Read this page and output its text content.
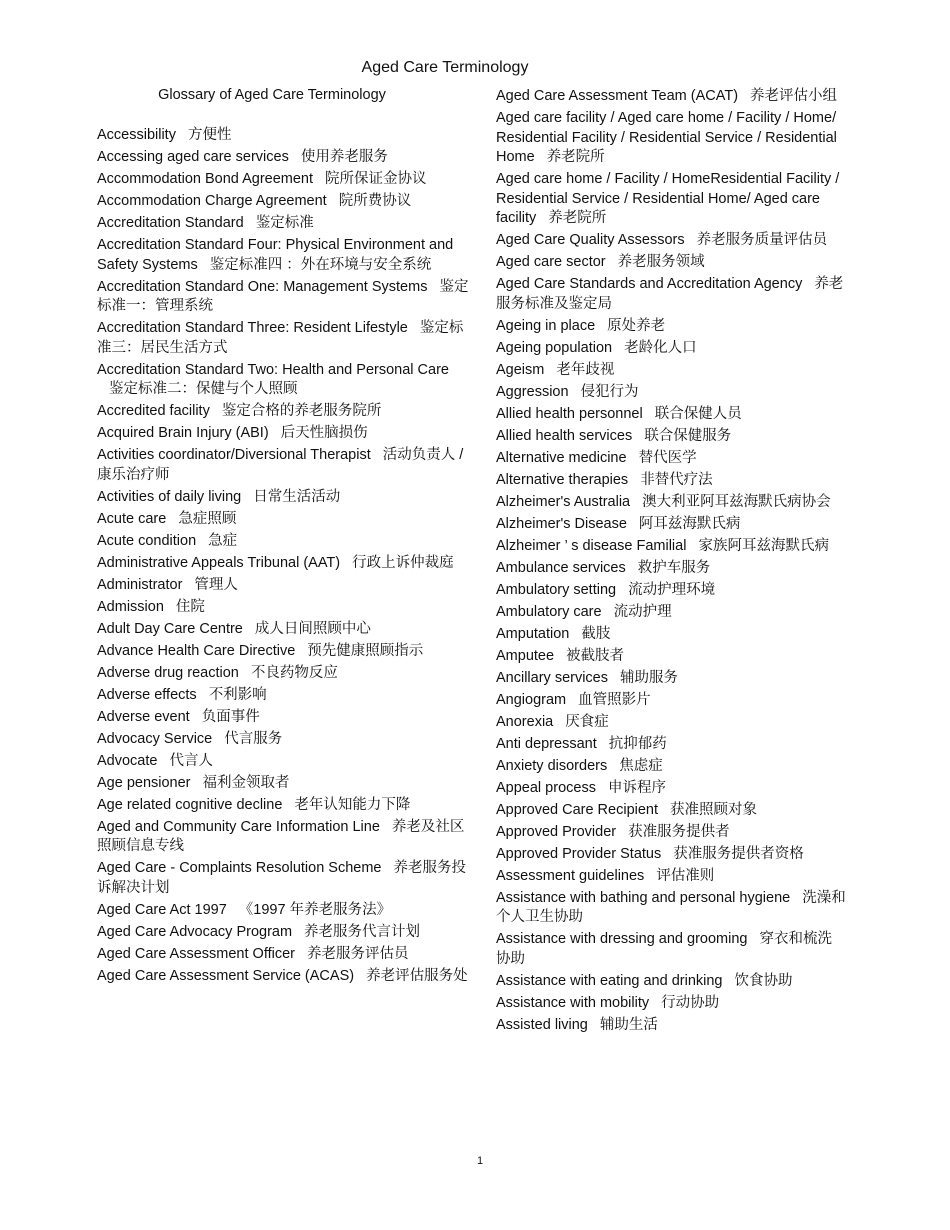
Aged Care Terminology
Glossary of Aged Care Terminology
Accessibility 方便性
Accessing aged care services 使用养老服务
Accommodation Bond Agreement 院所保证金协议
Accommodation Charge Agreement 院所费协议
Accreditation Standard 鉴定标准
Accreditation Standard Four: Physical Environment and Safety Systems 鉴定标准四 ：外在环境与安全系统
Accreditation Standard One: Management Systems 鉴定标准一：管理系统
Accreditation Standard Three: Resident Lifestyle 鉴定标准三：居民生活方式
Accreditation Standard Two: Health and Personal Care鉴定标准二：保健与个人照顾
Accredited facility 鉴定合格的养老服务院所
Acquired Brain Injury (ABI) 后天性脑损伤
Activities coordinator/Diversional Therapist 活动负责人 / 康乐治疗师
Activities of daily living 日常生活活动
Acute care 急症照顾
Acute condition 急症
Administrative Appeals Tribunal (AAT) 行政上诉仲裁庭
Administrator 管理人
Admission 住院
Adult Day Care Centre 成人日间照顾中心
Advance Health Care Directive 预先健康照顾指示
Adverse drug reaction 不良药物反应
Adverse effects 不利影响
Adverse event 负面事件
Advocacy Service 代言服务
Advocate 代言人
Age pensioner 福利金领取者
Age related cognitive decline 老年认知能力下降
Aged and Community Care Information Line 养老及社区照顾信息专线
Aged Care - Complaints Resolution Scheme 养老服务投诉解决计划
Aged Care Act 1997 《1997 年养老服务法》
Aged Care Advocacy Program 养老服务代言计划
Aged Care Assessment Officer 养老服务评估员
Aged Care Assessment Service (ACAS) 养老评估服务处
Aged Care Assessment Team (ACAT) 养老评估小组
Aged care facility / Aged care home / Facility / Home/ Residential Facility / Residential Service / Residential Home 养老院所
Aged care home / Facility / HomeResidential Facility / Residential Service / Residential Home/ Aged care facility 养老院所
Aged Care Quality Assessors 养老服务质量评估员
Aged care sector 养老服务领域
Aged Care Standards and Accreditation Agency 养老服务标准及鉴定局
Ageing in place 原处养老
Ageing population 老龄化人口
Ageism 老年歧视
Aggression 侵犯行为
Allied health personnel 联合保健人员
Allied health services 联合保健服务
Alternative medicine 替代医学
Alternative therapies 非替代疗法
Alzheimer's Australia 澳大利亚阿耳兹海默氏病协会
Alzheimer's Disease 阿耳兹海默氏病
Alzheimer ’ s disease Familial 家族阿耳兹海默氏病
Ambulance services 救护车服务
Ambulatory setting 流动护理环境
Ambulatory care 流动护理
Amputation 截肢
Amputee 被截肢者
Ancillary services 辅助服务
Angiogram 血管照影片
Anorexia 厌食症
Anti depressant 抗抑郁药
Anxiety disorders 焦虑症
Appeal process 申诉程序
Approved Care Recipient 获准照顾对象
Approved Provider 获准服务提供者
Approved Provider Status 获准服务提供者资格
Assessment guidelines 评估准则
Assistance with bathing and personal hygiene 洗澡和个人卫生协助
Assistance with dressing and grooming 穿衣和梳洗协助
Assistance with eating and drinking 饮食协助
Assistance with mobility 行动协助
Assisted living 辅助生活
1
